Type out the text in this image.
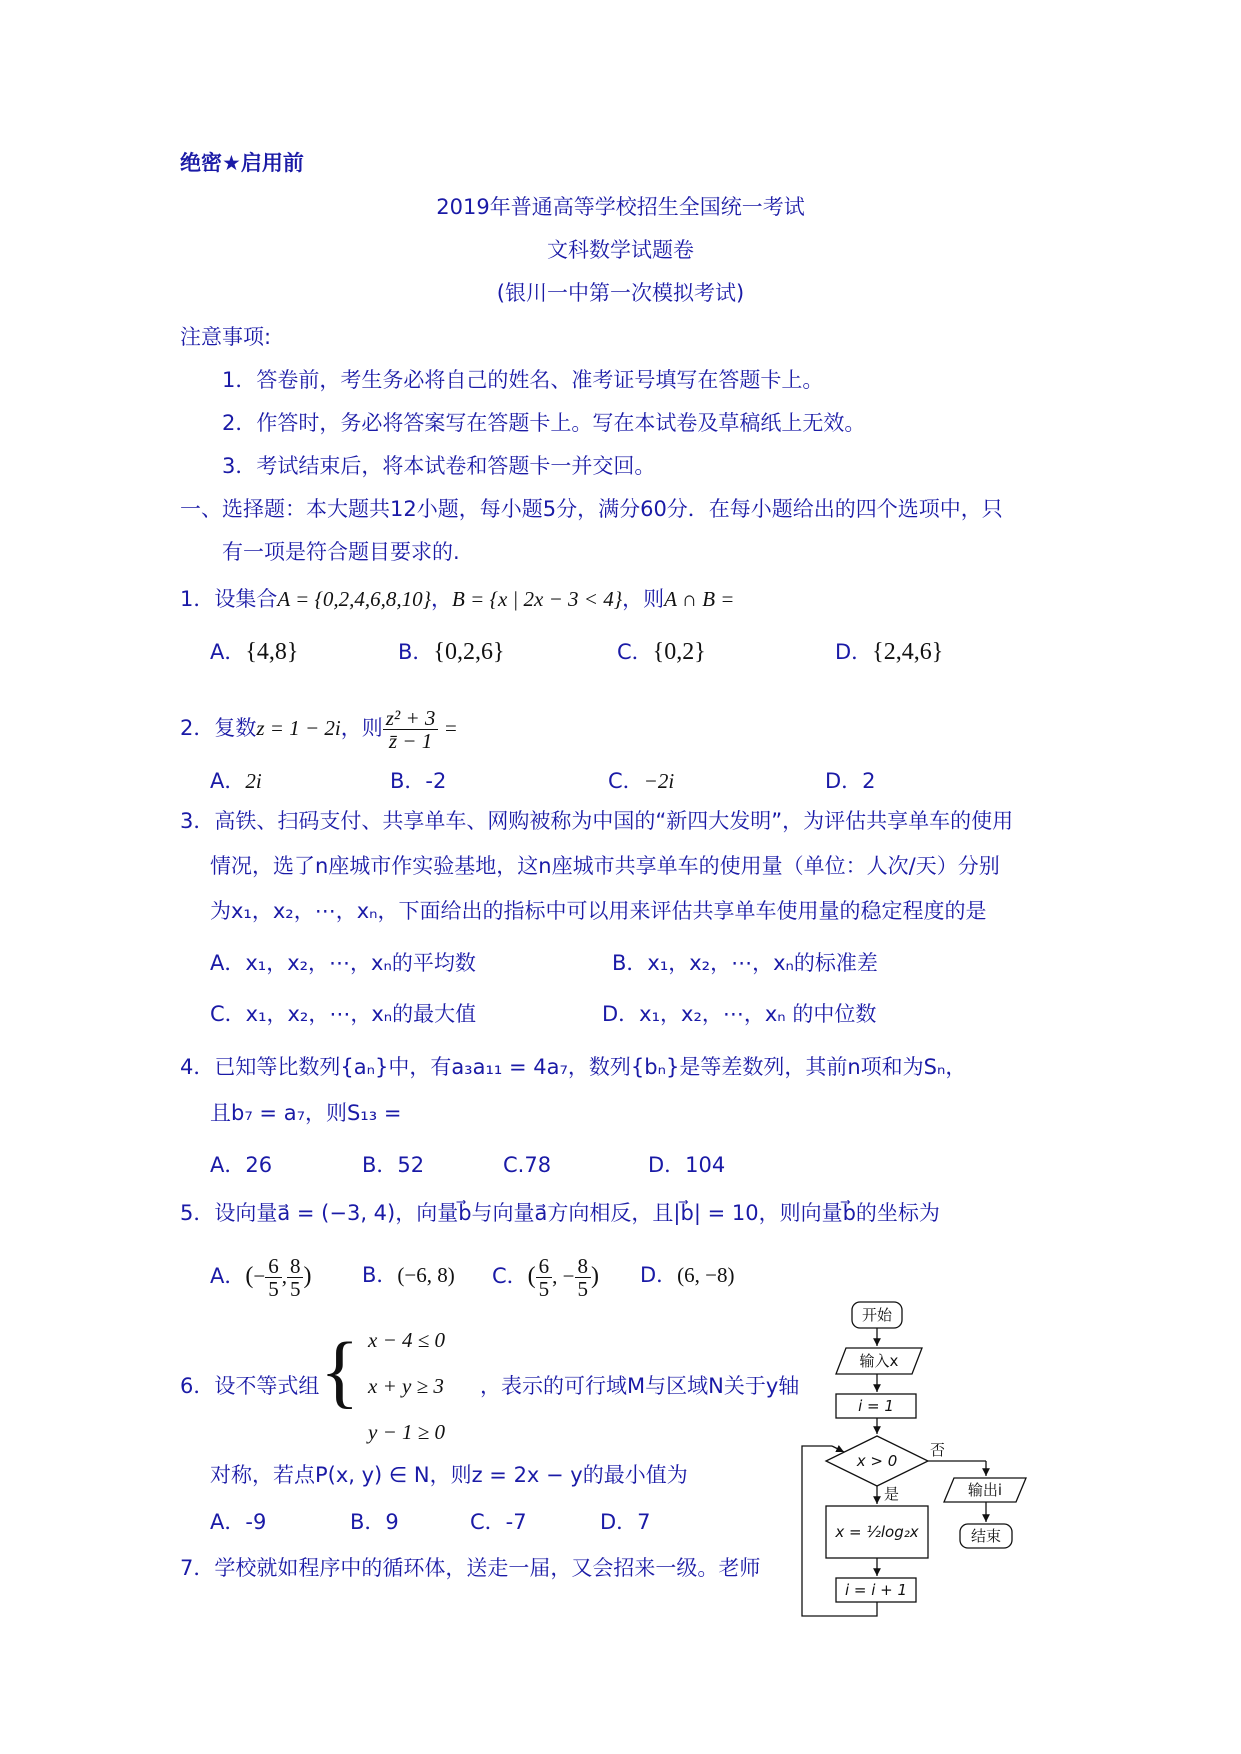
绝密★启用前
2019年普通高等学校招生全国统一考试
文科数学试题卷
(银川一中第一次模拟考试)
注意事项:
1．答卷前，考生务必将自己的姓名、准考证号填写在答题卡上。
2．作答时，务必将答案写在答题卡上。写在本试卷及草稿纸上无效。
3．考试结束后，将本试卷和答题卡一并交回。
一、选择题：本大题共12小题，每小题5分，满分60分．在每小题给出的四个选项中，只
有一项是符合题目要求的.
1．设集合A = {0,2,4,6,8,10}，B = {x | 2x − 3 < 4}，则A ∩ B =
A．{4,8}	B．{0,2,6}	C．{0,2}	D．{2,4,6}
2．复数z = 1 − 2i，则 $\frac{\text{z² + 3}}{z̄ - 1}$ =
A．2i	B．-2	C．−2i	D．2
3．高铁、扫码支付、共享单车、网购被称为中国的“新四大发明”，为评估共享单车的使用
情况，选了n座城市作实验基地，这n座城市共享单车的使用量（单位：人次/天）分别
为x₁，x₂，⋯，xₙ，下面给出的指标中可以用来评估共享单车使用量的稳定程度的是
A．x₁，x₂，⋯，xₙ的平均数	B．x₁，x₂，⋯，xₙ的标准差
C．x₁，x₂，⋯，xₙ的最大值	D．x₁，x₂，⋯，xₙ 的中位数
4．已知等比数列{aₙ}中，有a₃a₁₁ = 4a₇，数列{bₙ}是等差数列，其前n项和为Sₙ，
且b₇ = a₇，则S₁₃ =
A．26	B．52	C.78	D．104
5．设向量a⃗ = (−3, 4)，向量b⃗与向量a⃗方向相反，且|b⃗| = 10，则向量b⃗的坐标为
A．(− $\frac{6}{5}$ , $\frac{8}{5}$ ) B．(−6, 8) C．( $\frac{6}{5}$ , − $\frac{8}{5}$ ) D．(6, −8)
6．设不等式组 { x − 4 ≤ 0
x + y ≥ 3
y − 1 ≥ 0
，表示的可行域M与区域N关于y轴
对称，若点P(x, y) ∈ N，则z = 2x − y的最小值为
A．-9	B．9	C．-7	D．7
7．学校就如程序中的循环体，送走一届，又会招来一级。老师
开始
输入x
i = 1
x > 0
否
是	输出i
结束
x = ½log₂x
i = i + 1
